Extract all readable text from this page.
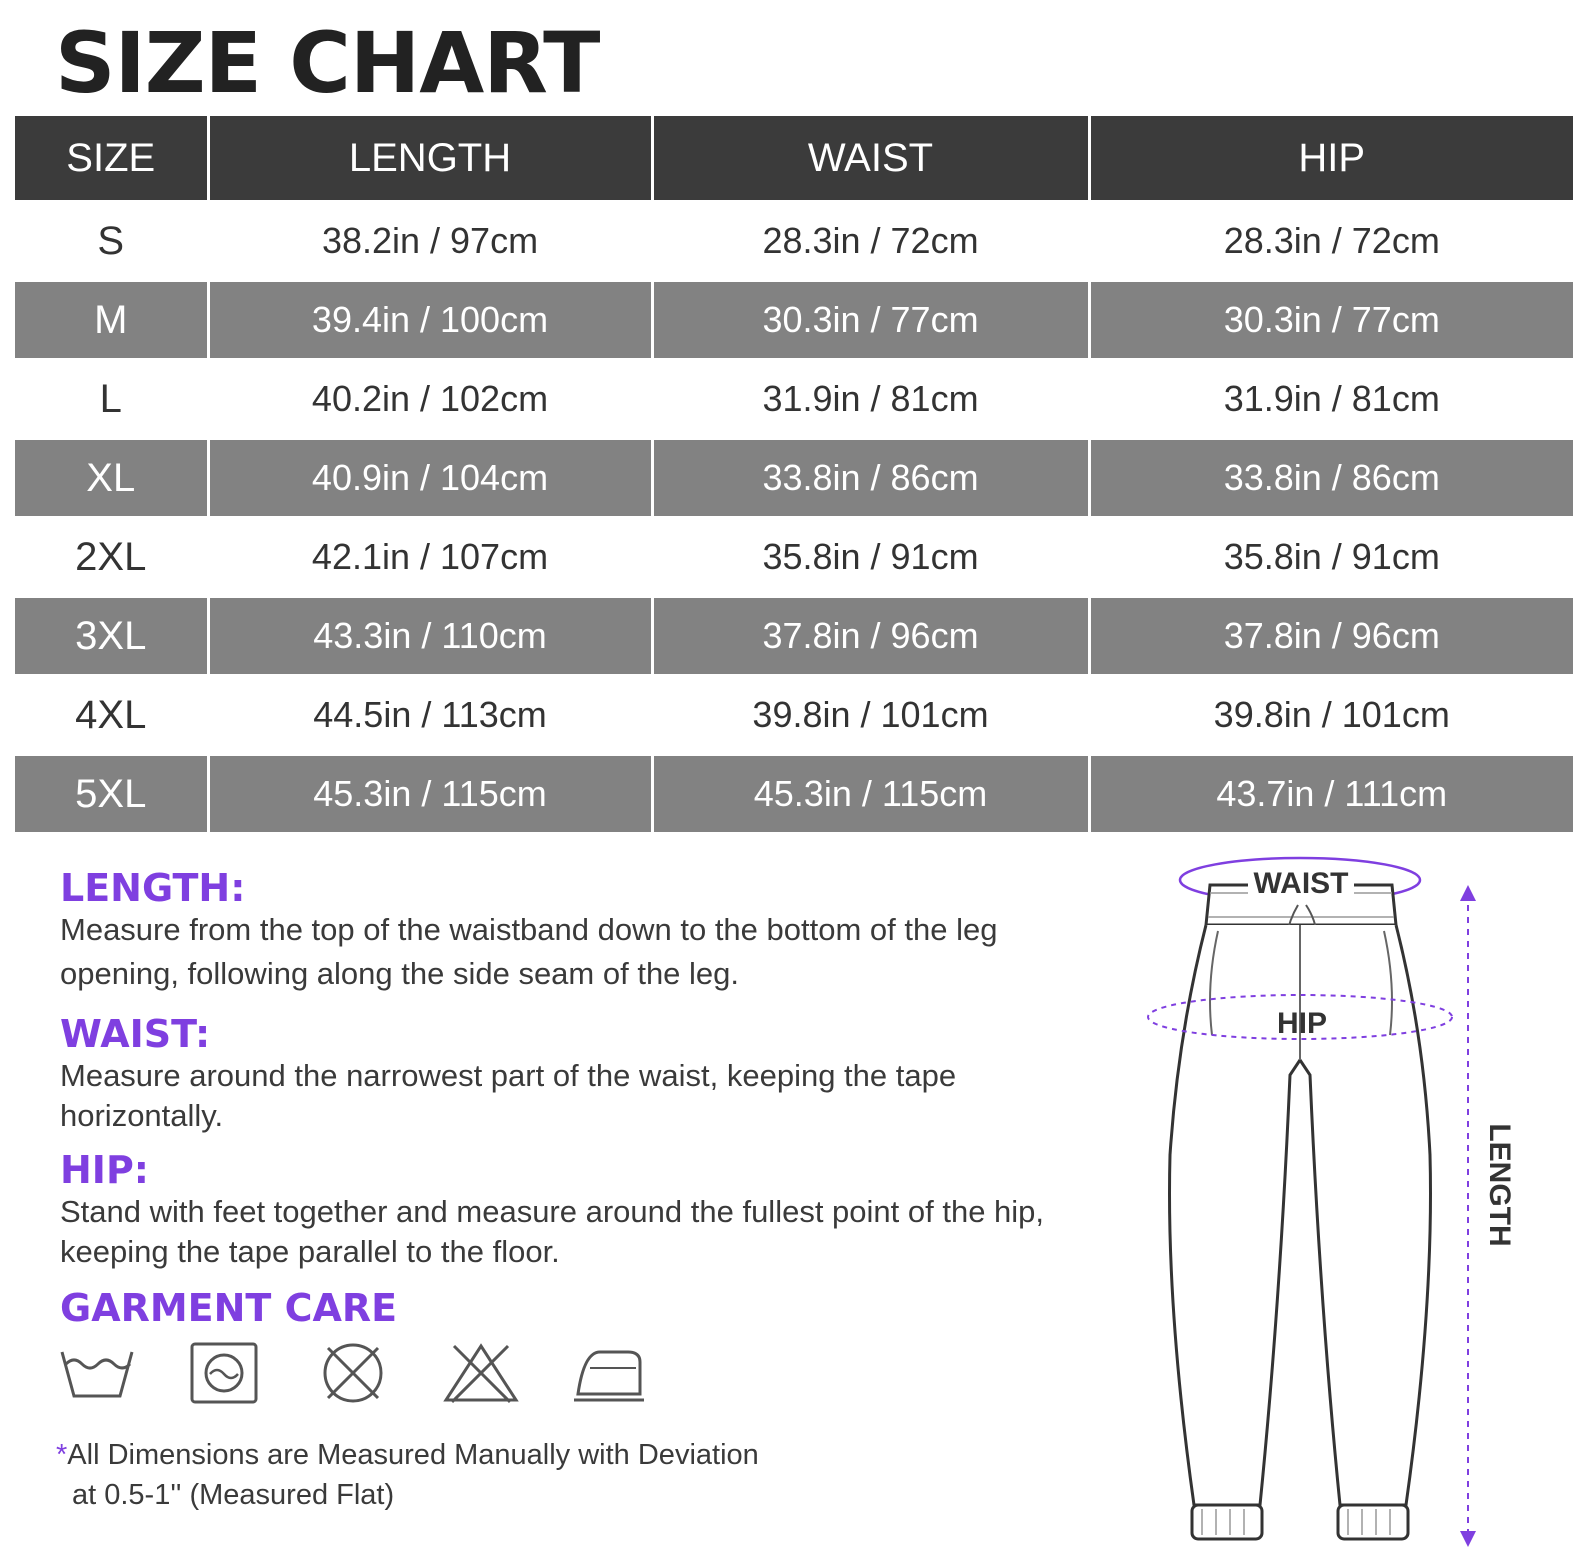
SIZE CHART
SIZE	LENGTH	WAIST	HIP
S	38.2in / 97cm	28.3in / 72cm	28.3in / 72cm
M	39.4in / 100cm	30.3in / 77cm	30.3in / 77cm
L	40.2in / 102cm	31.9in / 81cm	31.9in / 81cm
XL	40.9in / 104cm	33.8in / 86cm	33.8in / 86cm
2XL	42.1in / 107cm	35.8in / 91cm	35.8in / 91cm
3XL	43.3in / 110cm	37.8in / 96cm	37.8in / 96cm
4XL	44.5in / 113cm	39.8in / 101cm	39.8in / 101cm
5XL	45.3in / 115cm	45.3in / 115cm	43.7in / 111cm

LENGTH:

Measure from the top of the waistband down to the bottom of the leg opening, following along the side seam of the leg.

WAIST:

Measure around the narrowest part of the waist, keeping the tape horizontally.

HIP:

Stand with feet together and measure around the fullest point of the hip, keeping the tape parallel to the floor.

GARMENT CARE

*All Dimensions are Measured Manually with Deviation
at 0.5-1'' (Measured Flat)
WAIST
HIP
LENGTH
